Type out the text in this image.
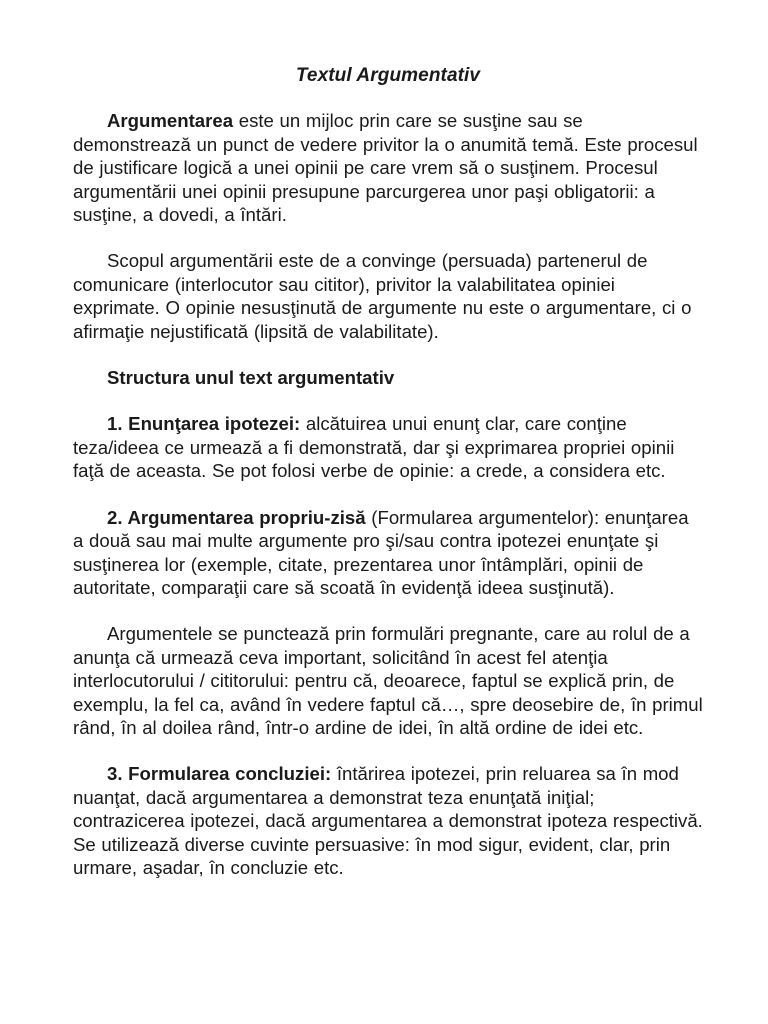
Textul Argumentativ

Argumentarea este un mijloc prin care se susţine sau se demonstrează un punct de vedere privitor la o anumită temă. Este procesul de justificare logică a unei opinii pe care vrem să o susţinem. Procesul argumentării unei opinii presupune parcurgerea unor paşi obligatorii: a susţine, a dovedi, a întări.

Scopul argumentării este de a convinge (persuada) partenerul de comunicare (interlocutor sau cititor), privitor la valabilitatea opiniei exprimate. O opinie nesusţinută de argumente nu este o argumentare, ci o afirmaţie nejustificată (lipsită de valabilitate).

Structura unul text argumentativ

1. Enunţarea ipotezei: alcătuirea unui enunţ clar, care conţine teza/ideea ce urmează a fi demonstrată, dar şi exprimarea propriei opinii faţă de aceasta. Se pot folosi verbe de opinie: a crede, a considera etc.

2. Argumentarea propriu-zisă (Formularea argumentelor): enunţarea a două sau mai multe argumente pro şi/sau contra ipotezei enunţate şi susţinerea lor (exemple, citate, prezentarea unor întâmplări, opinii de autoritate, comparaţii care să scoată în evidenţă ideea susţinută).

Argumentele se punctează prin formulări pregnante, care au rolul de a anunţa că urmează ceva important, solicitând în acest fel atenţia interlocutorului / cititorului: pentru că, deoarece, faptul se explică prin, de exemplu, la fel ca, având în vedere faptul că…, spre deosebire de, în primul rând, în al doilea rând, într-o ardine de idei, în altă ordine de idei etc.

3. Formularea concluziei: întărirea ipotezei, prin reluarea sa în mod nuanţat, dacă argumentarea a demonstrat teza enunţată iniţial; contrazicerea ipotezei, dacă argumentarea a demonstrat ipoteza respectivă. Se utilizează diverse cuvinte persuasive: în mod sigur, evident, clar, prin urmare, aşadar, în concluzie etc.
